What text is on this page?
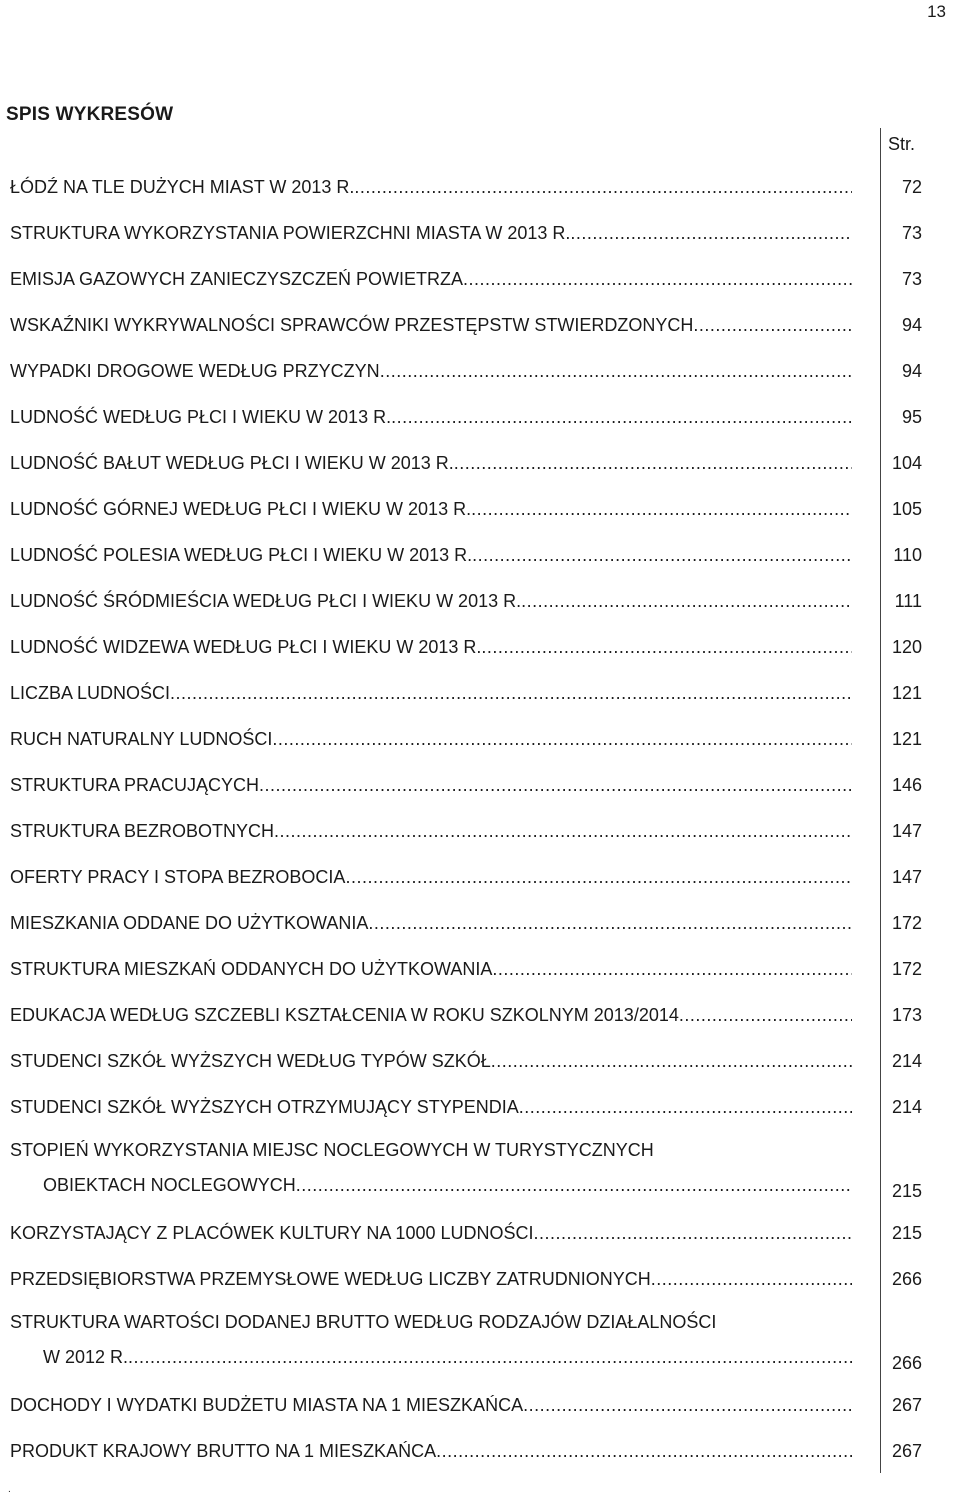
13
SPIS WYKRESÓW
Str.
ŁÓDŹ NA TLE DUŻYCH MIAST W 2013 R. .....	72
STRUKTURA WYKORZYSTANIA POWIERZCHNI MIASTA W 2013 R. .....	73
EMISJA GAZOWYCH ZANIECZYSZCZEŃ POWIETRZA .....	73
WSKAŹNIKI WYKRYWALNOŚCI SPRAWCÓW PRZESTĘPSTW STWIERDZONYCH .....	94
WYPADKI DROGOWE WEDŁUG PRZYCZYN .....	94
LUDNOŚĆ WEDŁUG PŁCI I WIEKU W 2013 R. .....	95
LUDNOŚĆ BAŁUT WEDŁUG PŁCI I WIEKU W 2013 R. .....	104
LUDNOŚĆ GÓRNEJ WEDŁUG PŁCI I WIEKU W 2013 R. .....	105
LUDNOŚĆ POLESIA WEDŁUG PŁCI I WIEKU W 2013 R. .....	110
LUDNOŚĆ ŚRÓDMIEŚCIA WEDŁUG PŁCI I WIEKU W 2013 R. .....	111
LUDNOŚĆ WIDZEWA WEDŁUG PŁCI I WIEKU W 2013 R. .....	120
LICZBA LUDNOŚCI .....	121
RUCH NATURALNY LUDNOŚCI .....	121
STRUKTURA PRACUJĄCYCH .....	146
STRUKTURA BEZROBOTNYCH .....	147
OFERTY PRACY I STOPA BEZROBOCIA .....	147
MIESZKANIA ODDANE DO UŻYTKOWANIA .....	172
STRUKTURA MIESZKAŃ ODDANYCH DO UŻYTKOWANIA .....	172
EDUKACJA WEDŁUG SZCZEBLI KSZTAŁCENIA W ROKU SZKOLNYM 2013/2014 .....	173
STUDENCI SZKÓŁ WYŻSZYCH WEDŁUG TYPÓW SZKÓŁ .....	214
STUDENCI SZKÓŁ WYŻSZYCH OTRZYMUJĄCY STYPENDIA .....	214
STOPIEŃ WYKORZYSTANIA MIEJSC NOCLEGOWYCH W TURYSTYCZNYCH
OBIEKTACH NOCLEGOWYCH .....	215
KORZYSTAJĄCY Z PLACÓWEK KULTURY NA 1000 LUDNOŚCI .....	215
PRZEDSIĘBIORSTWA PRZEMYSŁOWE WEDŁUG LICZBY ZATRUDNIONYCH .....	266
STRUKTURA WARTOŚCI DODANEJ BRUTTO WEDŁUG RODZAJÓW DZIAŁALNOŚCI
W 2012 R. .....	266
DOCHODY I WYDATKI BUDŻETU MIASTA NA 1 MIESZKAŃCA .....	267
PRODUKT KRAJOWY BRUTTO NA 1 MIESZKAŃCA .....	267
.
